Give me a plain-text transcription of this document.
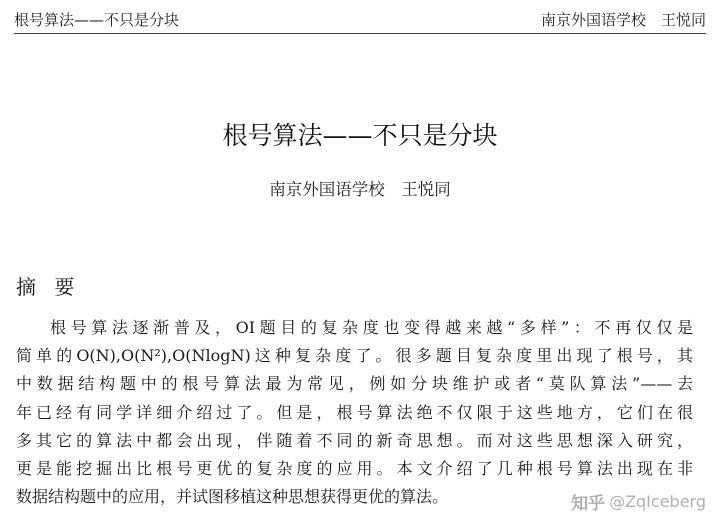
根号算法——不只是分块	南京外国语学校　王悦同
根号算法——不只是分块
南京外国语学校　王悦同
摘 要
根号算法逐渐普及，OI题目的复杂度也变得越来越“多样”：不再仅仅是
简单的O(N),O(N²),O(NlogN)这种复杂度了。很多题目复杂度里出现了根号，其
中数据结构题中的根号算法最为常见，例如分块维护或者“莫队算法”——去
年已经有同学详细介绍过了。但是，根号算法绝不仅限于这些地方，它们在很
多其它的算法中都会出现，伴随着不同的新奇思想。而对这些思想深入研究，
更是能挖掘出比根号更优的复杂度的应用。本文介绍了几种根号算法出现在非
数据结构题中的应用，并试图移植这种思想获得更优的算法。	知乎 @ZqIceberg
